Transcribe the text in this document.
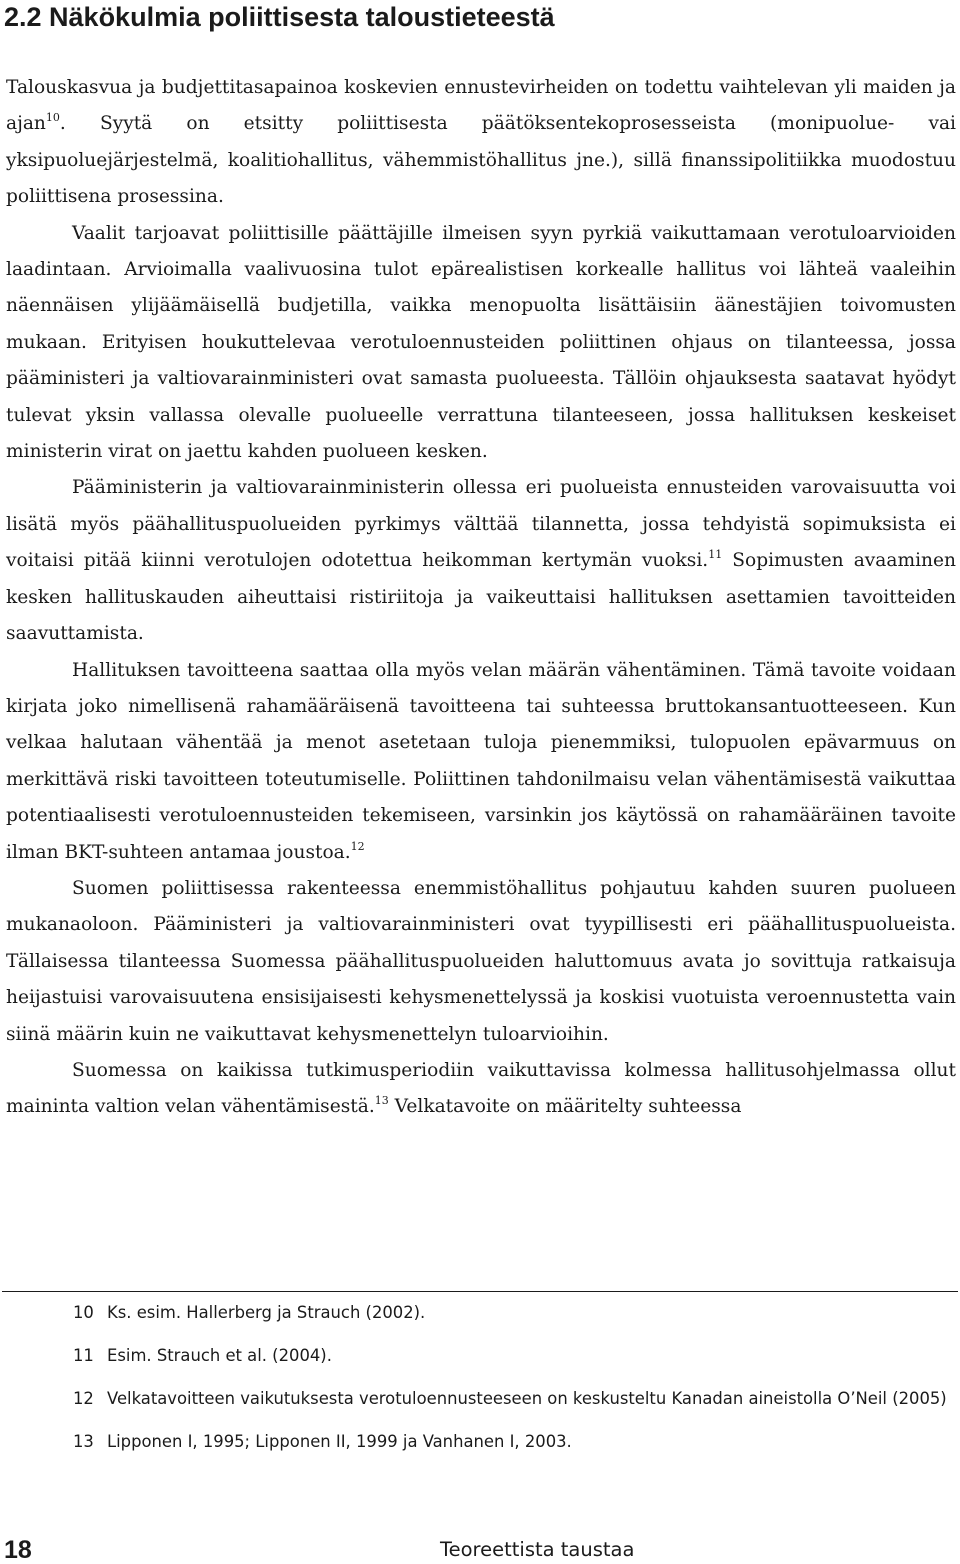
2.2 Näkökulmia poliittisesta taloustieteestä

Talouskasvua ja budjettitasapainoa koskevien ennustevirheiden on todettu vaihtelevan yli maiden ja ajan$^{10}$. Syytä on etsitty poliittisesta päätöksentekoprosesseista (monipuolue- vai yksipuoluejärjestelmä, koalitiohallitus, vähemmistöhallitus jne.), sillä finanssipolitiikka muodostuu poliittisena prosessina.

Vaalit tarjoavat poliittisille päättäjille ilmeisen syyn pyrkiä vaikuttamaan verotuloarvioiden laadintaan. Arvioimalla vaalivuosina tulot epärealistisen korkealle hallitus voi lähteä vaaleihin näennäisen ylijäämäisellä budjetilla, vaikka menopuolta lisättäisiin äänestäjien toivomusten mukaan. Erityisen houkuttelevaa verotuloennusteiden poliittinen ohjaus on tilanteessa, jossa pääministeri ja valtiovarainministeri ovat samasta puolueesta. Tällöin ohjauksesta saatavat hyödyt tulevat yksin vallassa olevalle puolueelle verrattuna tilanteeseen, jossa hallituksen keskeiset ministerin virat on jaettu kahden puolueen kesken.

Pääministerin ja valtiovarainministerin ollessa eri puolueista ennusteiden varovaisuutta voi lisätä myös päähallituspuolueiden pyrkimys välttää tilannetta, jossa tehdyistä sopimuksista ei voitaisi pitää kiinni verotulojen odotettua heikomman kertymän vuoksi.$^{11}$ Sopimusten avaaminen kesken hallituskauden aiheuttaisi ristiriitoja ja vaikeuttaisi hallituksen asettamien tavoitteiden saavuttamista.

Hallituksen tavoitteena saattaa olla myös velan määrän vähentäminen. Tämä tavoite voidaan kirjata joko nimellisenä rahamääräisenä tavoitteena tai suhteessa bruttokansantuotteeseen. Kun velkaa halutaan vähentää ja menot asetetaan tuloja pienemmiksi, tulopuolen epävarmuus on merkittävä riski tavoitteen toteutumiselle. Poliittinen tahdonilmaisu velan vähentämisestä vaikuttaa potentiaalisesti verotuloennusteiden tekemiseen, varsinkin jos käytössä on rahamääräinen tavoite ilman BKT-suhteen antamaa joustoa.$^{12}$

Suomen poliittisessa rakenteessa enemmistöhallitus pohjautuu kahden suuren puolueen mukanaoloon. Pääministeri ja valtiovarainministeri ovat tyypillisesti eri päähallituspuolueista. Tällaisessa tilanteessa Suomessa päähallituspuolueiden haluttomuus avata jo sovittuja ratkaisuja heijastuisi varovaisuutena ensisijaisesti kehysmenettelyssä ja koskisi vuotuista veroennustetta vain siinä määrin kuin ne vaikuttavat kehysmenettelyn tuloarvioihin.

Suomessa on kaikissa tutkimusperiodiin vaikuttavissa kolmessa hallitusohjelmassa ollut maininta valtion velan vähentämisestä.$^{13}$ Velkatavoite on määritelty suhteessa

10 Ks. esim. Hallerberg ja Strauch (2002).
11 Esim. Strauch et al. (2004).
12 Velkatavoitteen vaikutuksesta verotuloennusteeseen on keskusteltu Kanadan aineistolla O’Neil (2005)
13 Lipponen I, 1995; Lipponen II, 1999 ja Vanhanen I, 2003.
18	Teoreettista taustaa
